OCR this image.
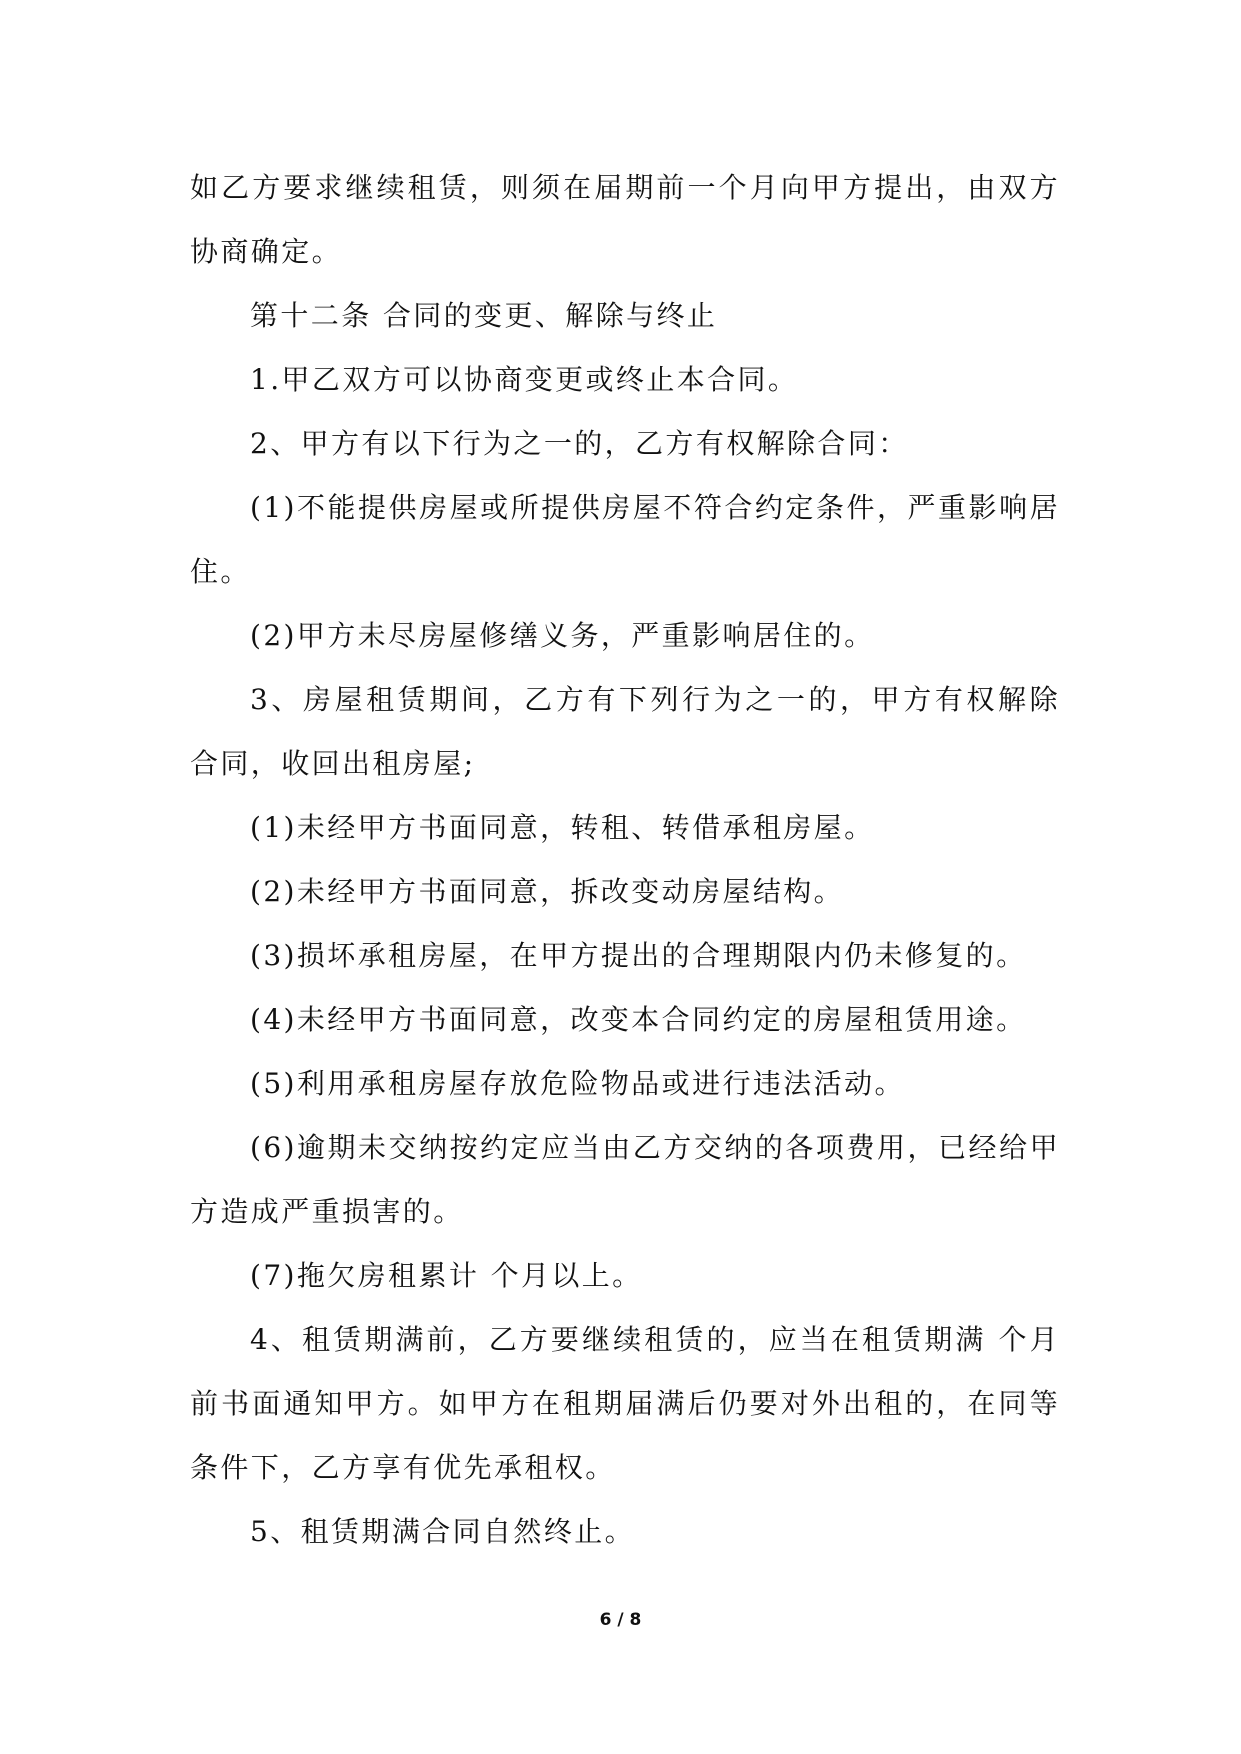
如乙方要求继续租赁，则须在届期前一个月向甲方提出，由双方协商确定。

第十二条 合同的变更、解除与终止

1.甲乙双方可以协商变更或终止本合同。

2、甲方有以下行为之一的，乙方有权解除合同：

(1)不能提供房屋或所提供房屋不符合约定条件，严重影响居住。

(2)甲方未尽房屋修缮义务，严重影响居住的。

3、房屋租赁期间，乙方有下列行为之一的，甲方有权解除合同，收回出租房屋;

(1)未经甲方书面同意，转租、转借承租房屋。

(2)未经甲方书面同意，拆改变动房屋结构。

(3)损坏承租房屋，在甲方提出的合理期限内仍未修复的。

(4)未经甲方书面同意，改变本合同约定的房屋租赁用途。

(5)利用承租房屋存放危险物品或进行违法活动。

(6)逾期未交纳按约定应当由乙方交纳的各项费用，已经给甲方造成严重损害的。

(7)拖欠房租累计 个月以上。

4、租赁期满前，乙方要继续租赁的，应当在租赁期满 个月前书面通知甲方。如甲方在租期届满后仍要对外出租的，在同等条件下，乙方享有优先承租权。

5、租赁期满合同自然终止。

6 / 8
